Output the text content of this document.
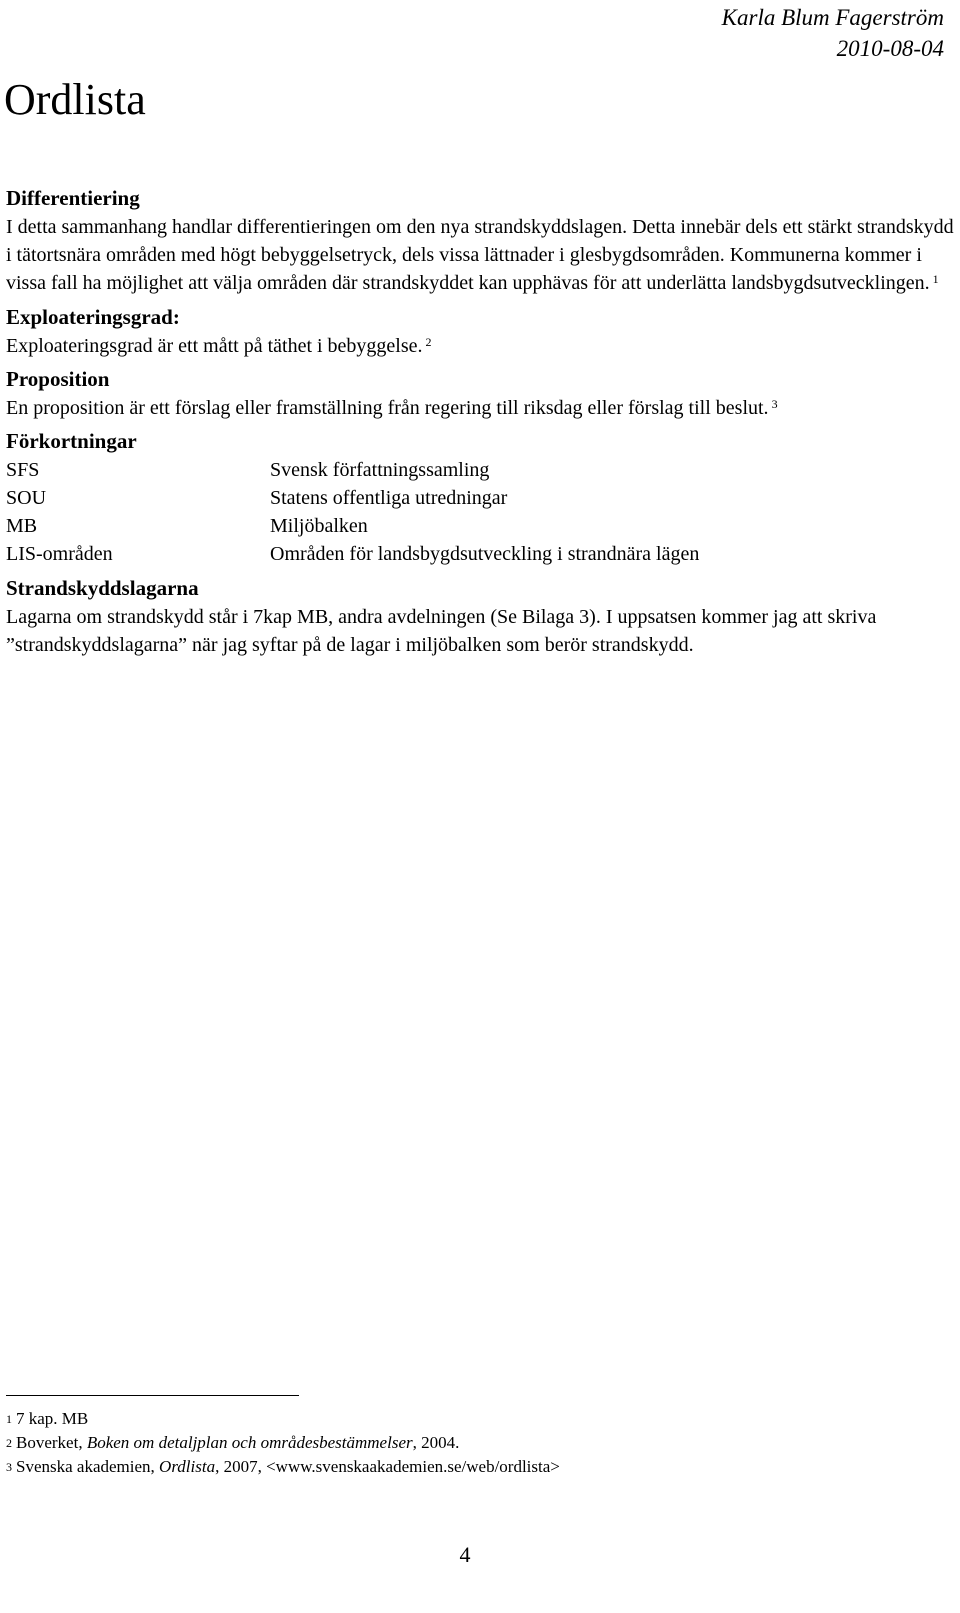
Karla Blum Fagerström
2010-08-04
Ordlista
Differentiering

I detta sammanhang handlar differentieringen om den nya strandskyddslagen. Detta innebär dels ett stärkt strandskydd i tätortsnära områden med högt bebyggelsetryck, dels vissa lättnader i glesbygdsområden. Kommunerna kommer i vissa fall ha möjlighet att välja områden där strandskyddet kan upphävas för att underlätta landsbygdsutvecklingen. $^1$

Exploateringsgrad:

Exploateringsgrad är ett mått på täthet i bebyggelse. $^2$

Proposition

En proposition är ett förslag eller framställning från regering till riksdag eller förslag till beslut. $^3$

Förkortningar
SFS	Svensk författningssamling
SOU	Statens offentliga utredningar
MB	Miljöbalken
LIS-områden	Områden för landsbygdsutveckling i strandnära lägen
Strandskyddslagarna

Lagarna om strandskydd står i 7kap MB, andra avdelningen (Se Bilaga 3). I uppsatsen kommer jag att skriva ”strandskyddslagarna” när jag syftar på de lagar i miljöbalken som berör strandskydd.

$^1$ 7 kap. MB
$^2$ Boverket, Boken om detaljplan och områdesbestämmelser, 2004.
$^3$ Svenska akademien, Ordlista, 2007, <www.svenskaakademien.se/web/ordlista>
4
